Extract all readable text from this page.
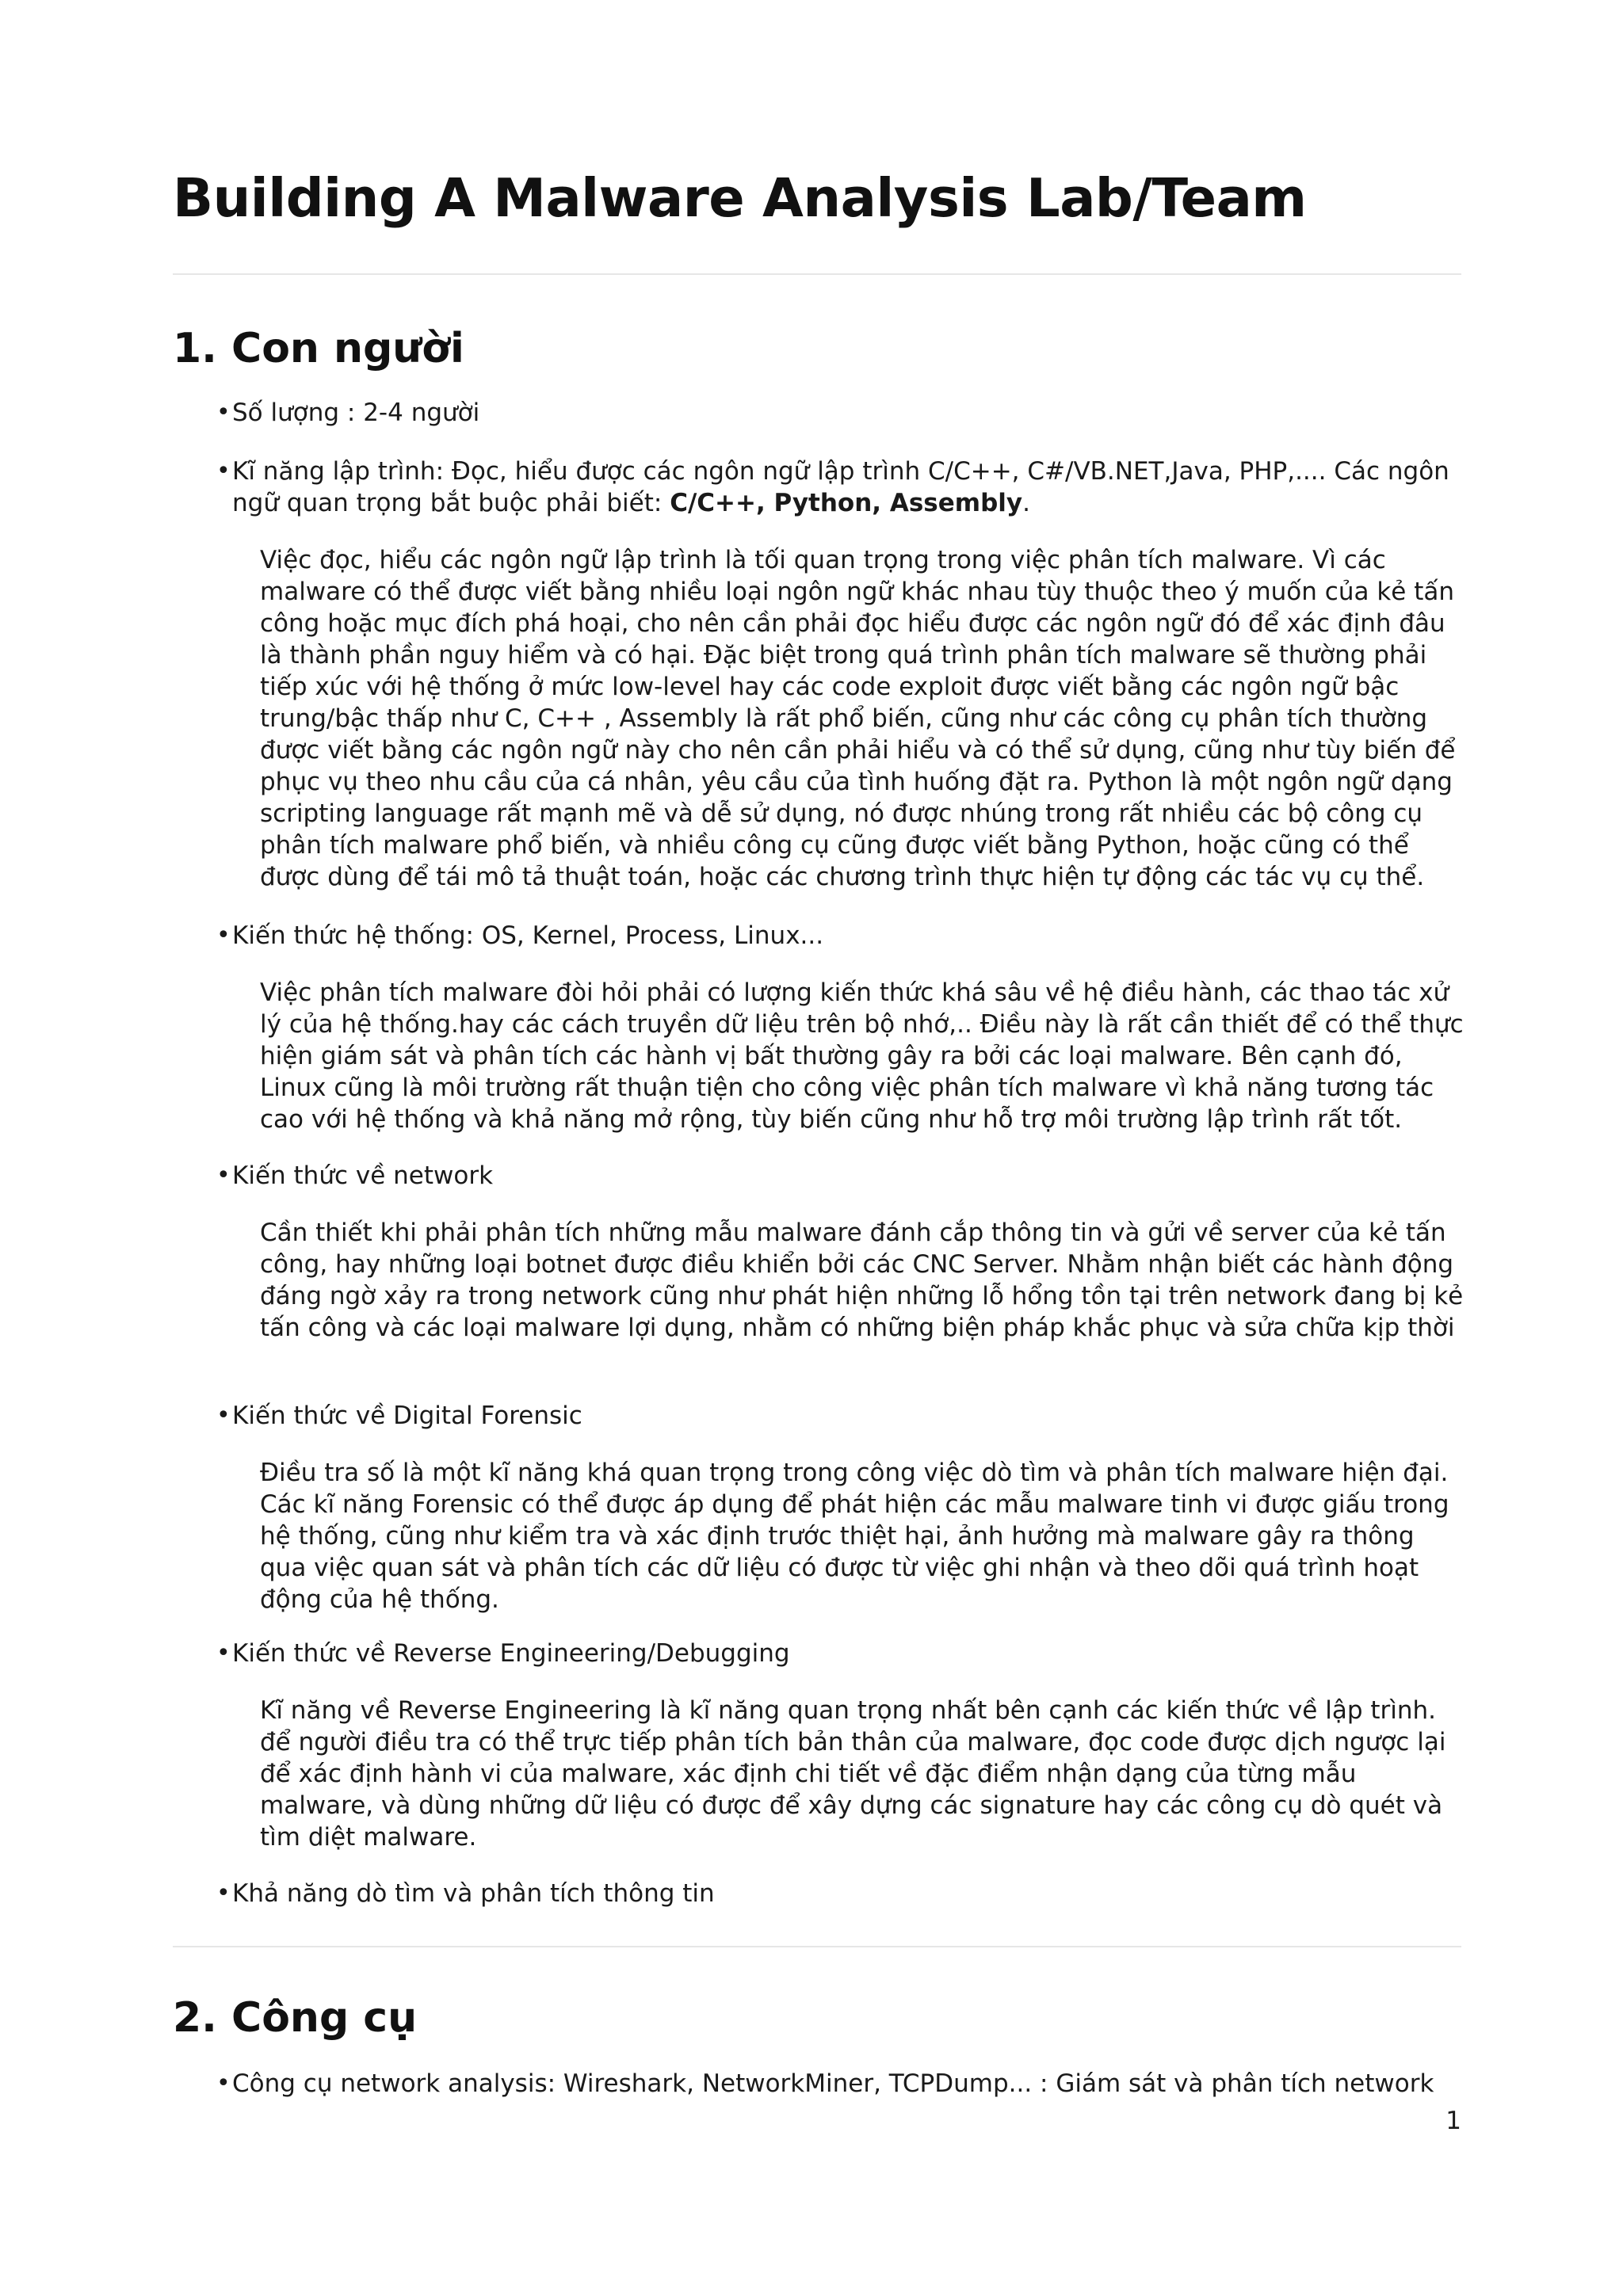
Building A Malware Analysis Lab/Team
1. Con người
• Số lượng : 2-4 người
• Kĩ năng lập trình: Đọc, hiểu được các ngôn ngữ lập trình C/C++, C#/VB.NET,Java, PHP,.... Các ngôn ngữ quan trọng bắt buộc phải biết: C/C++, Python, Assembly.

Việc đọc, hiểu các ngôn ngữ lập trình là tối quan trọng trong việc phân tích malware. Vì các malware có thể được viết bằng nhiều loại ngôn ngữ khác nhau tùy thuộc theo ý muốn của kẻ tấn công hoặc mục đích phá hoại, cho nên cần phải đọc hiểu được các ngôn ngữ đó để xác định đâu là thành phần nguy hiểm và có hại. Đặc biệt trong quá trình phân tích malware sẽ thường phải tiếp xúc với hệ thống ở mức low-level hay các code exploit được viết bằng các ngôn ngữ bậc trung/bậc thấp như C, C++ , Assembly là rất phổ biến, cũng như các công cụ phân tích thường được viết bằng các ngôn ngữ này cho nên cần phải hiểu và có thể sử dụng, cũng như tùy biến để phục vụ theo nhu cầu của cá nhân, yêu cầu của tình huống đặt ra. Python là một ngôn ngữ dạng scripting language rất mạnh mẽ và dễ sử dụng, nó được nhúng trong rất nhiều các bộ công cụ phân tích malware phổ biến, và nhiều công cụ cũng được viết bằng Python, hoặc cũng có thể được dùng để tái mô tả thuật toán, hoặc các chương trình thực hiện tự động các tác vụ cụ thể.

• Kiến thức hệ thống: OS, Kernel, Process, Linux...

Việc phân tích malware đòi hỏi phải có lượng kiến thức khá sâu về hệ điều hành, các thao tác xử lý của hệ thống.hay các cách truyền dữ liệu trên bộ nhớ,.. Điều này là rất cần thiết để có thể thực hiện giám sát và phân tích các hành vị bất thường gây ra bởi các loại malware. Bên cạnh đó, Linux cũng là môi trường rất thuận tiện cho công việc phân tích malware vì khả năng tương tác cao với hệ thống và khả năng mở rộng, tùy biến cũng như hỗ trợ môi trường lập trình rất tốt.

• Kiến thức về network

Cần thiết khi phải phân tích những mẫu malware đánh cắp thông tin và gửi về server của kẻ tấn công, hay những loại botnet được điều khiển bởi các CNC Server. Nhằm nhận biết các hành động đáng ngờ xảy ra trong network cũng như phát hiện những lỗ hổng tồn tại trên network đang bị kẻ tấn công và các loại malware lợi dụng, nhằm có những biện pháp khắc phục và sửa chữa kịp thời

• Kiến thức về Digital Forensic

Điều tra số là một kĩ năng khá quan trọng trong công việc dò tìm và phân tích malware hiện đại. Các kĩ năng Forensic có thể được áp dụng để phát hiện các mẫu malware tinh vi được giấu trong hệ thống, cũng như kiểm tra và xác định trước thiệt hại, ảnh hưởng mà malware gây ra thông qua việc quan sát và phân tích các dữ liệu có được từ việc ghi nhận và theo dõi quá trình hoạt động của hệ thống.

• Kiến thức về Reverse Engineering/Debugging

Kĩ năng về Reverse Engineering là kĩ năng quan trọng nhất bên cạnh các kiến thức về lập trình. để người điều tra có thể trực tiếp phân tích bản thân của malware, đọc code được dịch ngược lại để xác định hành vi của malware, xác định chi tiết về đặc điểm nhận dạng của từng mẫu malware, và dùng những dữ liệu có được để xây dựng các signature hay các công cụ dò quét và tìm diệt malware.

• Khả năng dò tìm và phân tích thông tin
2. Công cụ
• Công cụ network analysis: Wireshark, NetworkMiner, TCPDump... : Giám sát và phân tích network
1
